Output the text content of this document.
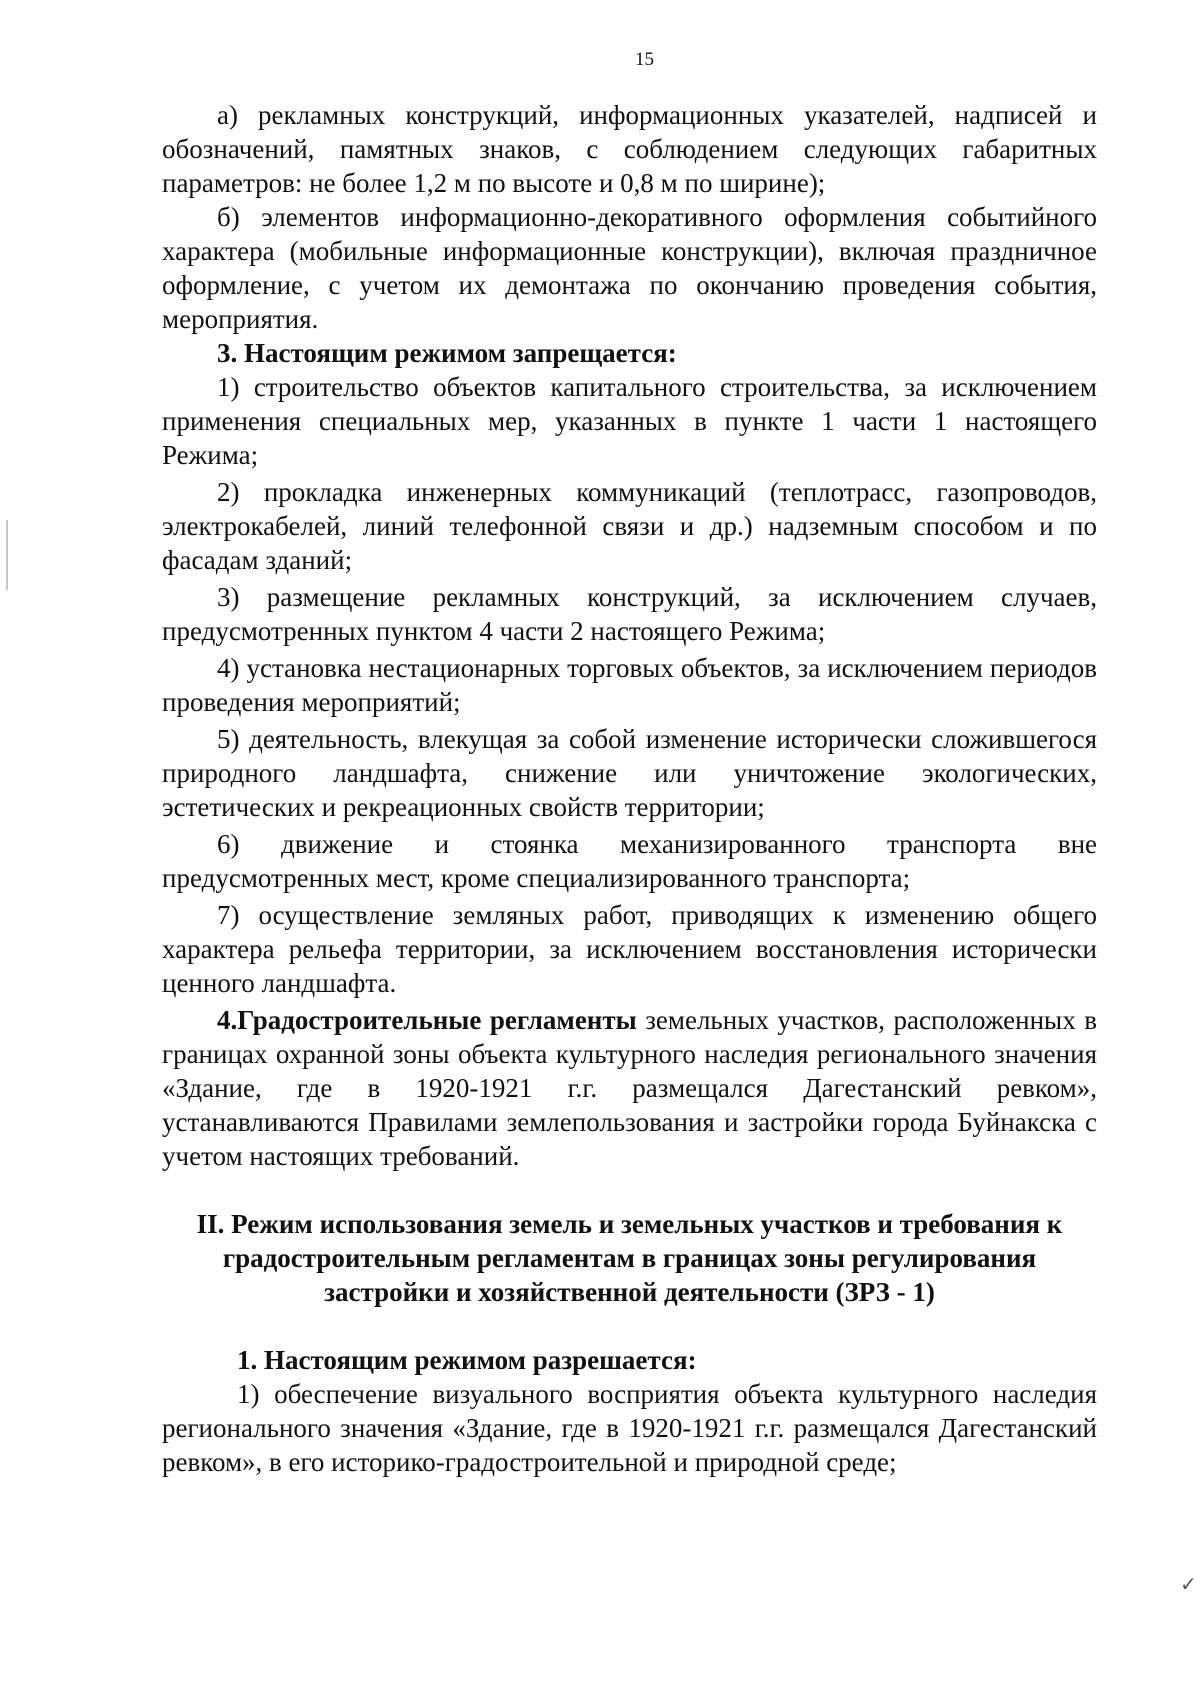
15

а) рекламных конструкций, информационных указателей, надписей и обозначений, памятных знаков, с соблюдением следующих габаритных параметров: не более 1,2 м по высоте и 0,8 м по ширине);

б) элементов информационно-декоративного оформления событийного характера (мобильные информационные конструкции), включая праздничное оформление, с учетом их демонтажа по окончанию проведения события, мероприятия.

3. Настоящим режимом запрещается:

1) строительство объектов капитального строительства, за исключением применения специальных мер, указанных в пункте 1 части 1 настоящего Режима;

2) прокладка инженерных коммуникаций (теплотрасс, газопроводов, электрокабелей, линий телефонной связи и др.) надземным способом и по фасадам зданий;

3) размещение рекламных конструкций, за исключением случаев, предусмотренных пунктом 4 части 2 настоящего Режима;

4) установка нестационарных торговых объектов, за исключением периодов проведения мероприятий;

5) деятельность, влекущая за собой изменение исторически сложившегося природного ландшафта, снижение или уничтожение экологических, эстетических и рекреационных свойств территории;

6) движение и стоянка механизированного транспорта вне предусмотренных мест, кроме специализированного транспорта;

7) осуществление земляных работ, приводящих к изменению общего характера рельефа территории, за исключением восстановления исторически ценного ландшафта.

4.Градостроительные регламенты земельных участков, расположенных в границах охранной зоны объекта культурного наследия регионального значения «Здание, где в 1920-1921 г.г. размещался Дагестанский ревком», устанавливаются Правилами землепользования и застройки города Буйнакска с учетом настоящих требований.

II. Режим использования земель и земельных участков и требования к градостроительным регламентам в границах зоны регулирования застройки и хозяйственной деятельности (ЗРЗ - 1)

1. Настоящим режимом разрешается:

1) обеспечение визуального восприятия объекта культурного наследия регионального значения «Здание, где в 1920-1921 г.г. размещался Дагестанский ревком», в его историко-градостроительной и природной среде;

✓
